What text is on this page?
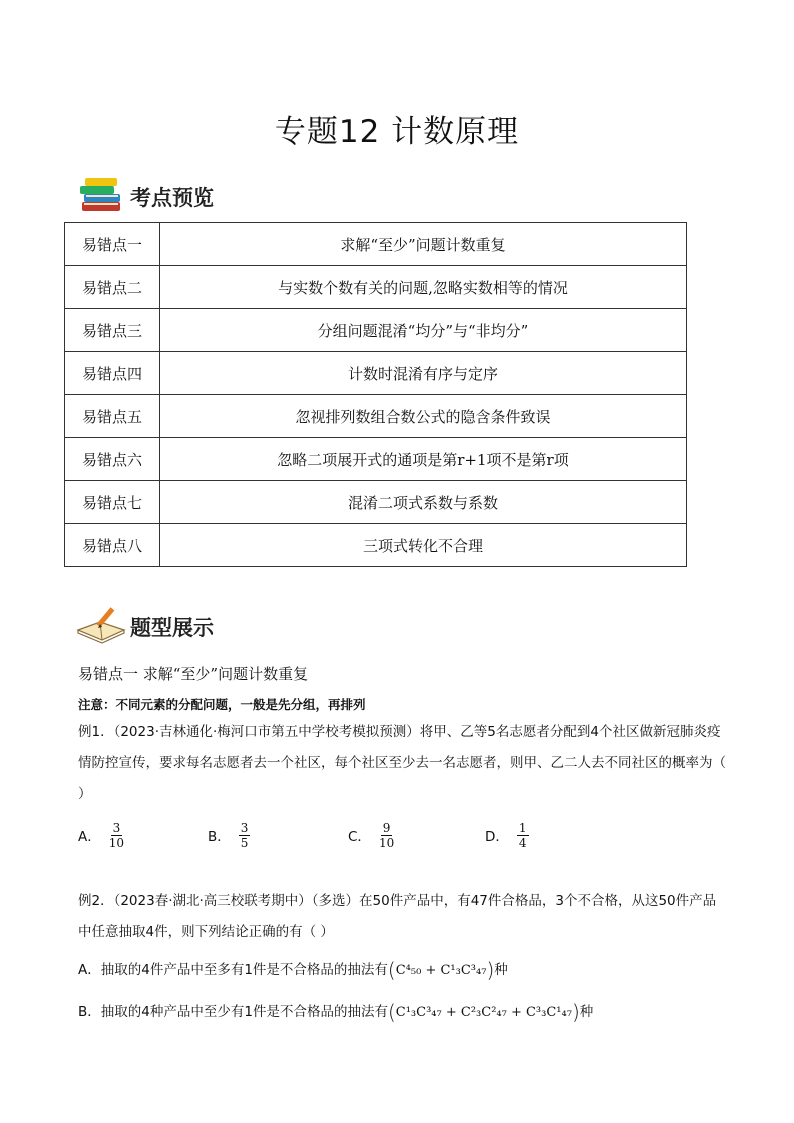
专题12 计数原理
考点预览
易错点一	求解“至少”问题计数重复
易错点二	与实数个数有关的问题,忽略实数相等的情况
易错点三	分组问题混淆“均分”与“非均分”
易错点四	计数时混淆有序与定序
易错点五	忽视排列数组合数公式的隐含条件致误
易错点六	忽略二项展开式的通项是第r+1项不是第r项
易错点七	混淆二项式系数与系数
易错点八	三项式转化不合理
题型展示
易错点一 求解“至少”问题计数重复
注意：不同元素的分配问题，一般是先分组，再排列
例1．（2023·吉林通化·梅河口市第五中学校考模拟预测）将甲、乙等5名志愿者分配到4个社区做新冠肺炎疫情防控宣传，要求每名志愿者去一个社区，每个社区至少去一名志愿者，则甲、乙二人去不同社区的概率为（ ）
A． $\frac{3}{10}$	B． $\frac{3}{5}$	C． $\frac{9}{10}$	D． $\frac{1}{4}$
例2．（2023春·湖北·高三校联考期中）（多选）在50件产品中，有47件合格品，3个不合格，从这50件产品中任意抽取4件，则下列结论正确的有（ ）
A．抽取的4件产品中至多有1件是不合格品的抽法有(C⁴₅₀ + C¹₃C³₄₇)种
B．抽取的4种产品中至少有1件是不合格品的抽法有(C¹₃C³₄₇ + C²₃C²₄₇ + C³₃C¹₄₇)种
